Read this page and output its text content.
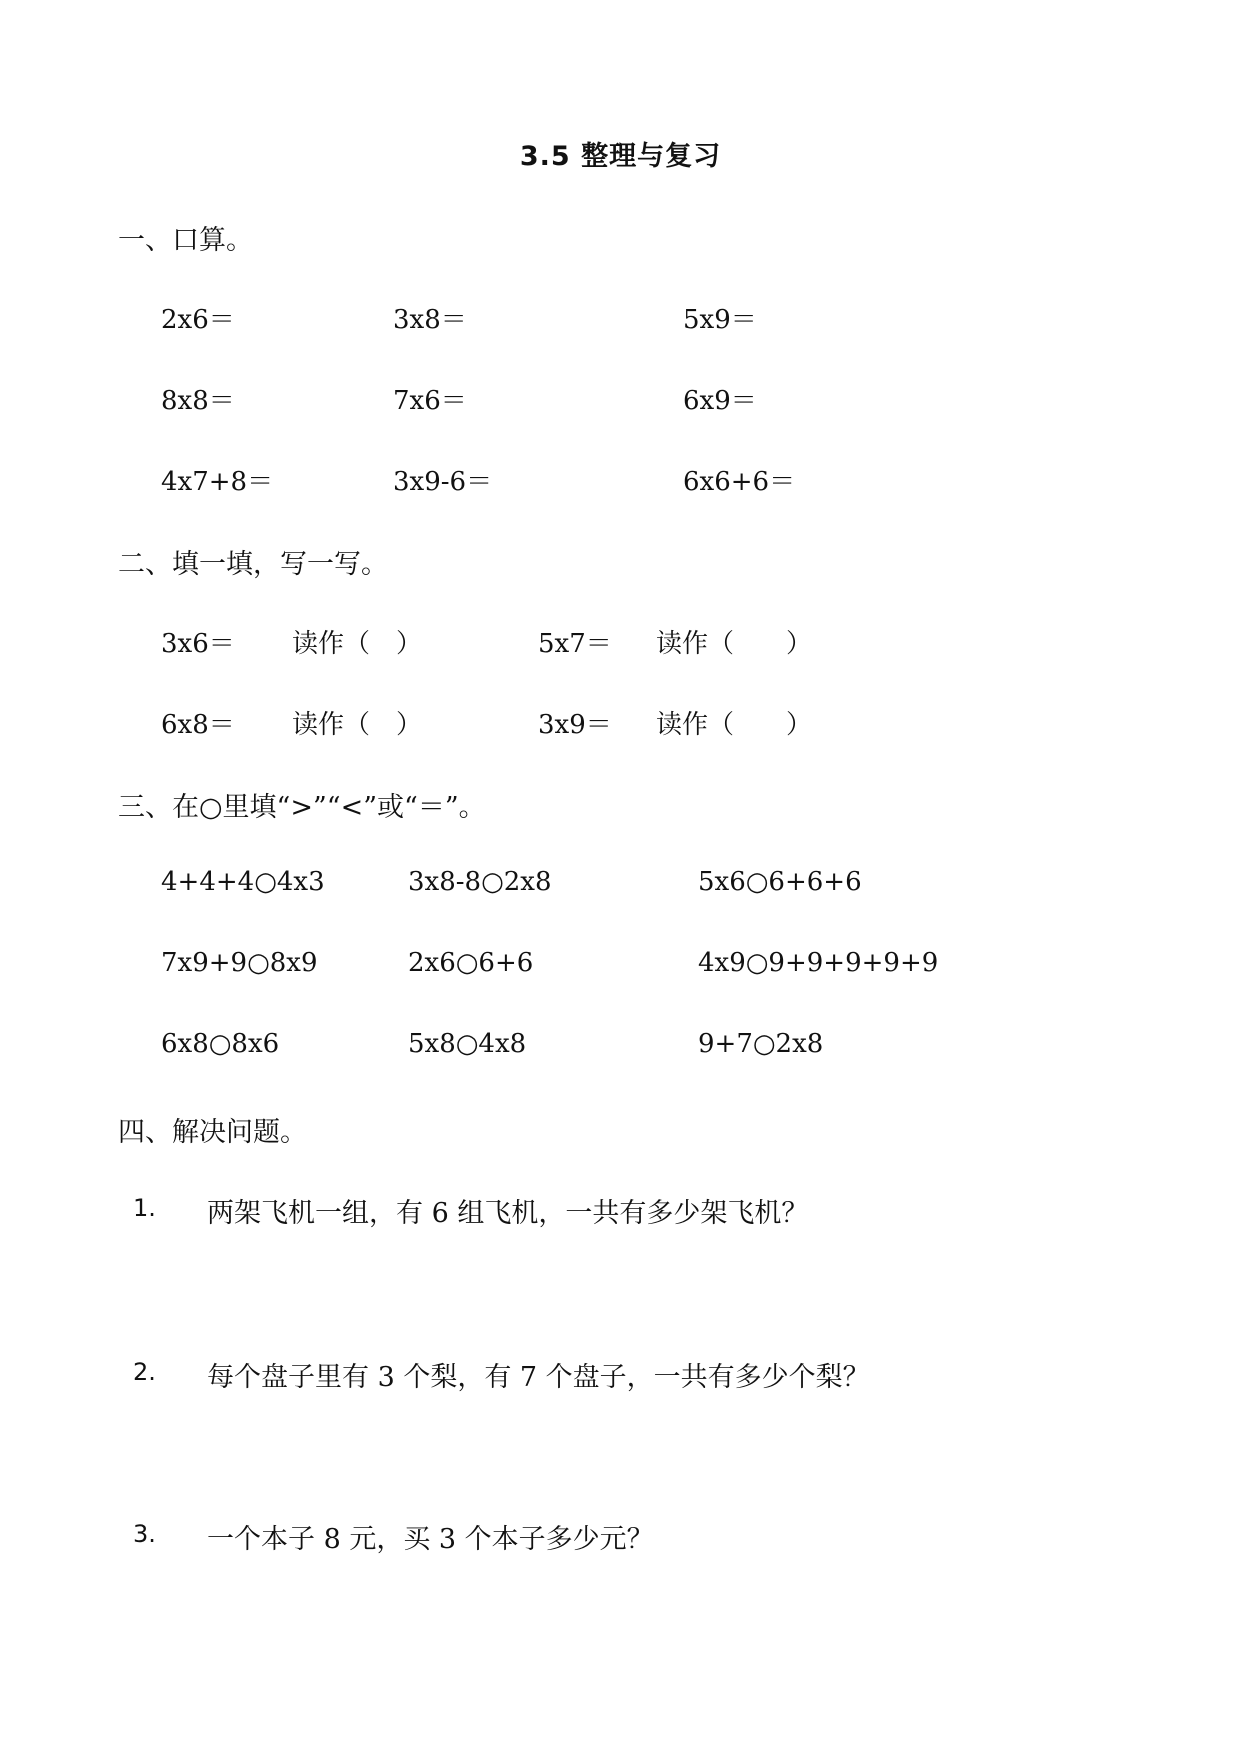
3.5 整理与复习
一、口算。
2x6＝	3x8＝	5x9＝
8x8＝	7x6＝	6x9＝
4x7+8＝	3x9-6＝	6x6+6＝
二、填一填，写一写。
3x6＝ 读作（　）	5x7＝ 读作（　　）
6x8＝ 读作（　）	3x9＝ 读作（　　）
三、在○里填“>”“<”或“＝”。
4+4+4○4x3	3x8-8○2x8	5x6○6+6+6
7x9+9○8x9	2x6○6+6	4x9○9+9+9+9+9
6x8○8x6	5x8○4x8	9+7○2x8
四、解决问题。
1. 两架飞机一组，有 6 组飞机，一共有多少架飞机？
2. 每个盘子里有 3 个梨，有 7 个盘子，一共有多少个梨？
3. 一个本子 8 元，买 3 个本子多少元？
